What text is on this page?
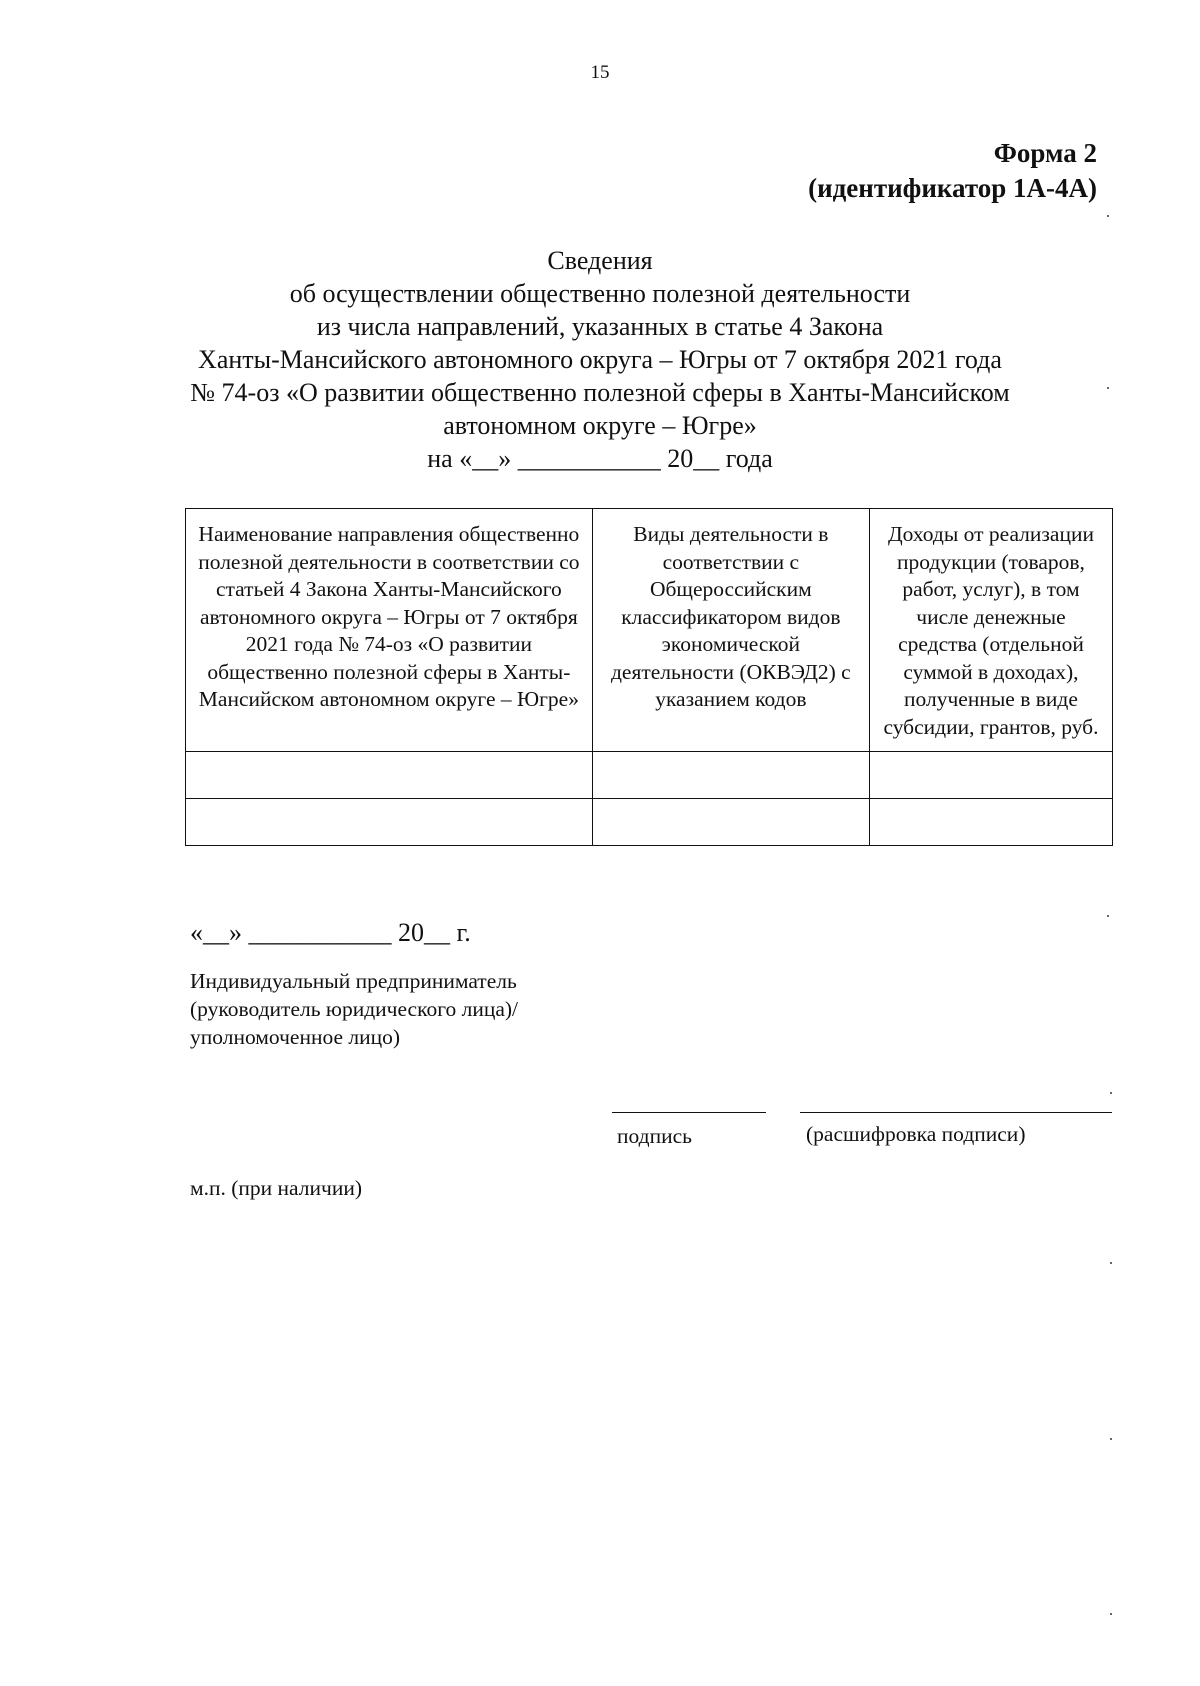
15
Форма 2
(идентификатор 1А-4А)
Сведения
об осуществлении общественно полезной деятельности
из числа направлений, указанных в статье 4 Закона
Ханты-Мансийского автономного округа – Югры от 7 октября 2021 года
№ 74-оз «О развитии общественно полезной сферы в Ханты-Мансийском
автономном округе – Югре»
на «__» ___________ 20__ года
Наименование направления общественно полезной деятельности в соответствии со статьей 4 Закона Ханты-Мансийского автономного округа – Югры от 7 октября 2021 года № 74-оз «О развитии общественно полезной сферы в Ханты-Мансийском автономном округе – Югре»	Виды деятельности в соответствии с Общероссийским классификатором видов экономической деятельности (ОКВЭД2) с указанием кодов	Доходы от реализации продукции (товаров, работ, услуг), в том числе денежные средства (отдельной суммой в доходах), полученные в виде субсидии, грантов, руб.

«__» ___________ 20__ г.
Индивидуальный предприниматель (руководитель юридического лица)/уполномоченное лицо)
подпись	(расшифровка подписи)
м.п. (при наличии)
